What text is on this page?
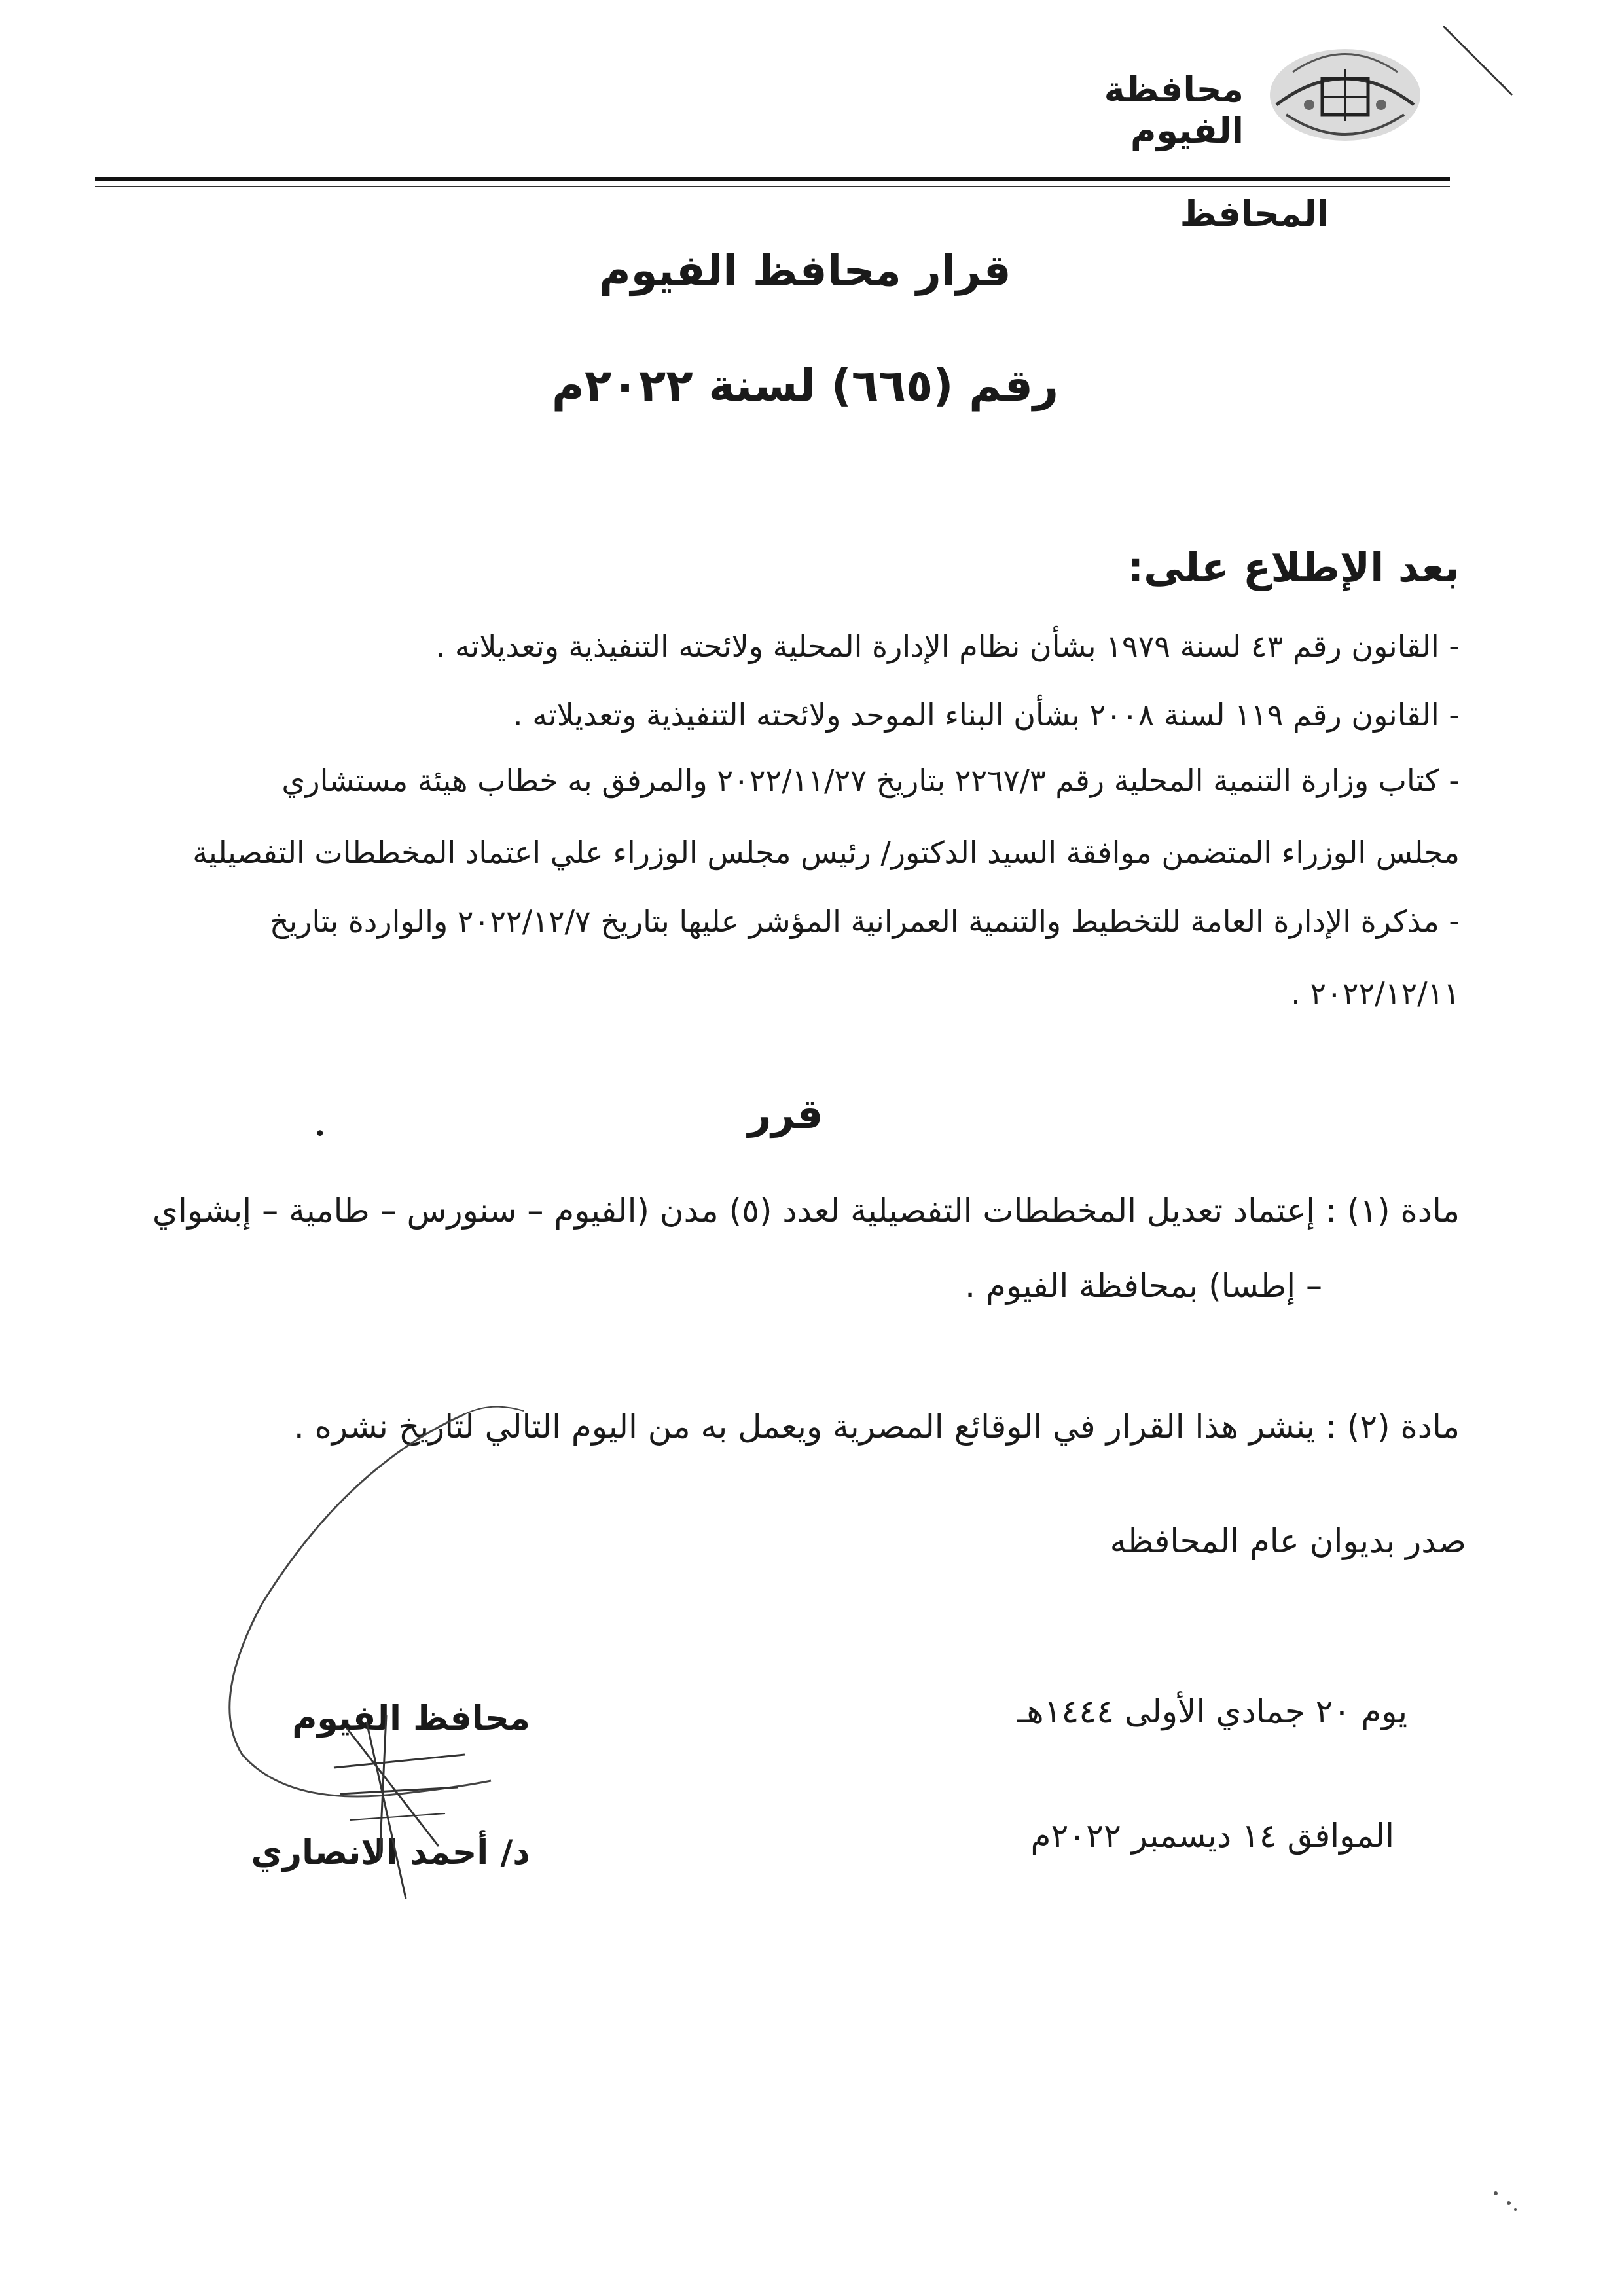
محافظة الفيوم
المحافظ
قرار محافظ الفيوم
رقم (٦٦٥) لسنة ٢٠٢٢م
بعد الإطلاع على:
- القانون رقم ٤٣ لسنة ١٩٧٩ بشأن نظام الإدارة المحلية ولائحته التنفيذية وتعديلاته .
- القانون رقم ١١٩ لسنة ٢٠٠٨ بشأن البناء الموحد ولائحته التنفيذية وتعديلاته .
- كتاب وزارة التنمية المحلية رقم ٢٢٦٧/٣ بتاريخ ٢٠٢٢/١١/٢٧ والمرفق به خطاب هيئة مستشاري
مجلس الوزراء المتضمن موافقة السيد الدكتور/ رئيس مجلس الوزراء علي اعتماد المخططات التفصيلية
- مذكرة الإدارة العامة للتخطيط والتنمية العمرانية المؤشر عليها بتاريخ ٢٠٢٢/١٢/٧ والواردة بتاريخ
٢٠٢٢/١٢/١١ .
قرر
•
مادة (١) : إعتماد تعديل المخططات التفصيلية لعدد (٥) مدن (الفيوم – سنورس – طامية – إبشواي
– إطسا) بمحافظة الفيوم .
مادة (٢) : ينشر هذا القرار في الوقائع المصرية ويعمل به من اليوم التالي لتاريخ نشره .
صدر بديوان عام المحافظه
يوم ٢٠ جمادي الأولى ١٤٤٤هـ
الموافق ١٤ ديسمبر ٢٠٢٢م
محافظ الفيوم
د/ أحمد الانصاري
